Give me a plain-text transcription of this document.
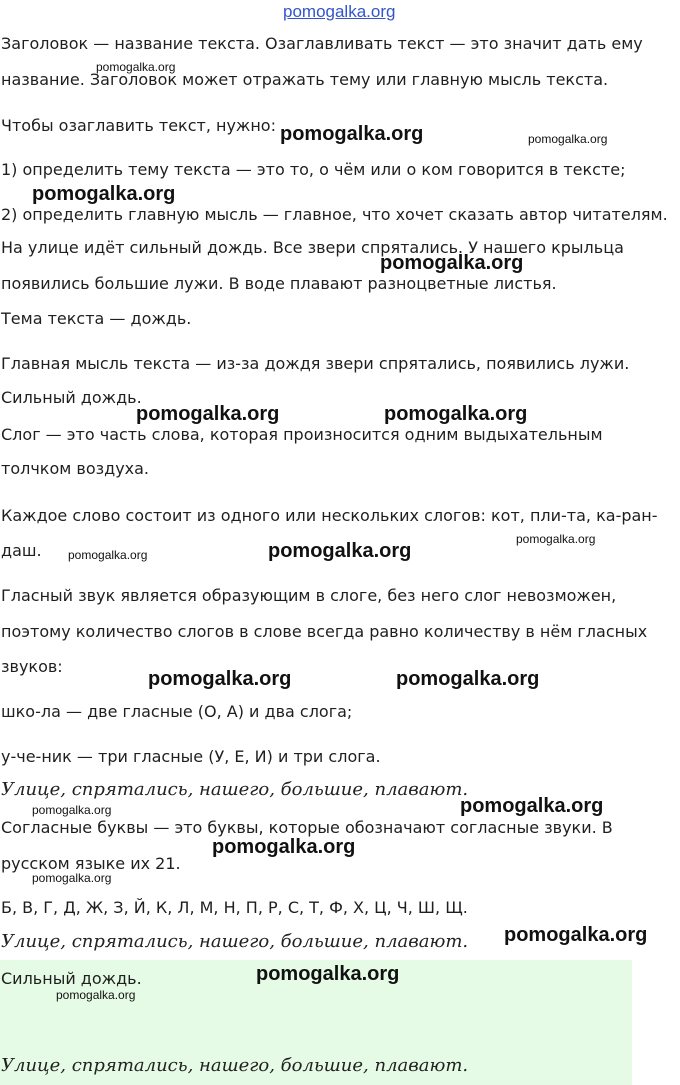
pomogalka.org

Заголовок — название текста. Озаглавливать текст — это значит дать ему

pomogalka.org

название. Заголовок может отражать тему или главную мысль текста.

Чтобы озаглавить текст, нужно: pomogalka.org	pomogalka.org

1) определить тему текста — это то, о чём или о ком говорится в тексте;

pomogalka.org

2) определить главную мысль — главное, что хочет сказать автор читателям.

На улице идёт сильный дождь. Все звери спрятались. У нашего крыльца

pomogalka.org

появились большие лужи. В воде плавают разноцветные листья.

Тема текста — дождь.

Главная мысль текста — из-за дождя звери спрятались, появились лужи.

Сильный дождь.

pomogalka.org	pomogalka.org

Слог — это часть слова, которая произносится одним выдыхательным

толчком воздуха.

Каждое слово состоит из одного или нескольких слогов: кот, пли-та, ка-ран-

pomogalka.org

даш.	pomogalka.org
pomogalka.org

Гласный звук является образующим в слоге, без него слог невозможен,

поэтому количество слогов в слове всегда равно количеству в нём гласных

звуков:

pomogalka.org	pomogalka.org

шко-ла — две гласные (О, А) и два слога;

у-че-ник — три гласные (У, Е, И) и три слога.

Улице, спрятались, нашего, большие, плавают.

pomogalka.org	pomogalka.org

Согласные буквы — это буквы, которые обозначают согласные звуки. В

pomogalka.org

русском языке их 21.

pomogalka.org

Б, В, Г, Д, Ж, З, Й, К, Л, М, Н, П, Р, С, Т, Ф, Х, Ц, Ч, Ш, Щ.

Улице, спрятались, нашего, большие, плавают. pomogalka.org

Сильный дождь.	pomogalka.org
pomogalka.org

Улице, спрятались, нашего, большие, плавают.
